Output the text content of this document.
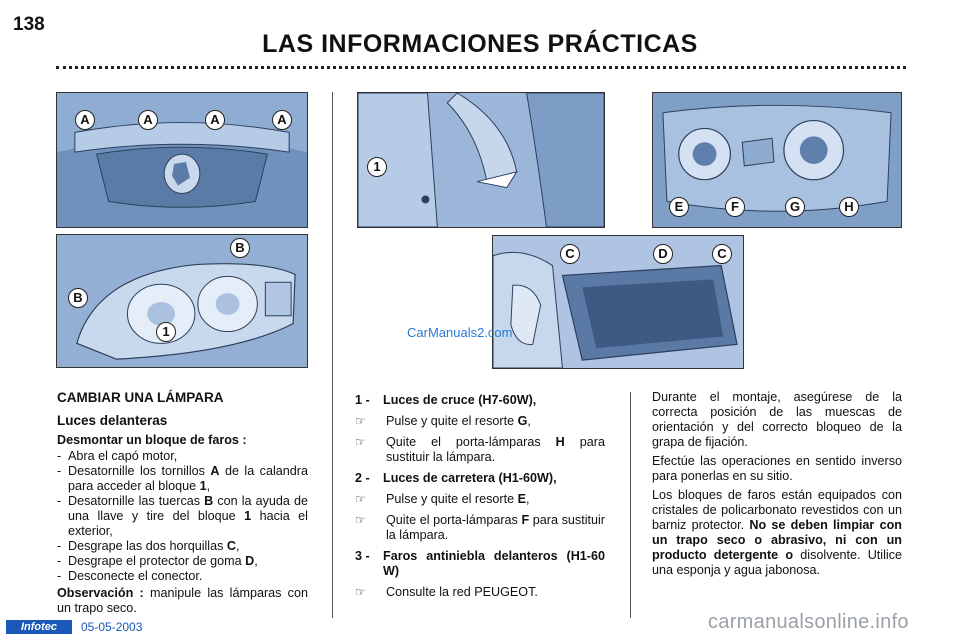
138
LAS INFORMACIONES PRÁCTICAS
A	A	A	A
B
B
1
1
E	F	G	H
C	D	C
CarManuals2.com
CAMBIAR UNA LÁMPARA
Luces delanteras
Desmontar un bloque de faros :
- Abra el capó motor,
- Desatornille los tornillos A de la calandra para acceder al bloque 1,
- Desatornille las tuercas B con la ayuda de una llave y tire del bloque 1 hacia el exterior,
- Desgrape las dos horquillas C,
- Desgrape el protector de goma D,
- Desconecte el conector.
Observación : manipule las lámparas con un trapo seco.
1 -	Luces de cruce (H7-60W),
☞	Pulse y quite el resorte G,
☞	Quite el porta-lámparas H para sustituir la lámpara.
2 -	Luces de carretera (H1-60W),
☞	Pulse y quite el resorte E,
☞	Quite el porta-lámparas F para sustituir la lámpara.
3 -	Faros antiniebla delanteros (H1-60 W)
☞	Consulte la red PEUGEOT.
Durante el montaje, asegúrese de la correcta posición de las muescas de orientación y del correcto bloqueo de la grapa de fijación.
Efectúe las operaciones en sentido inverso para ponerlas en su sitio.
Los bloques de faros están equipados con cristales de policarbonato revestidos con un barniz protector. No se deben limpiar con un trapo seco o abrasivo, ni con un producto detergente o disolvente. Utilice una esponja y agua jabonosa.
Infotec	05-05-2003	carmanualsonline.info
